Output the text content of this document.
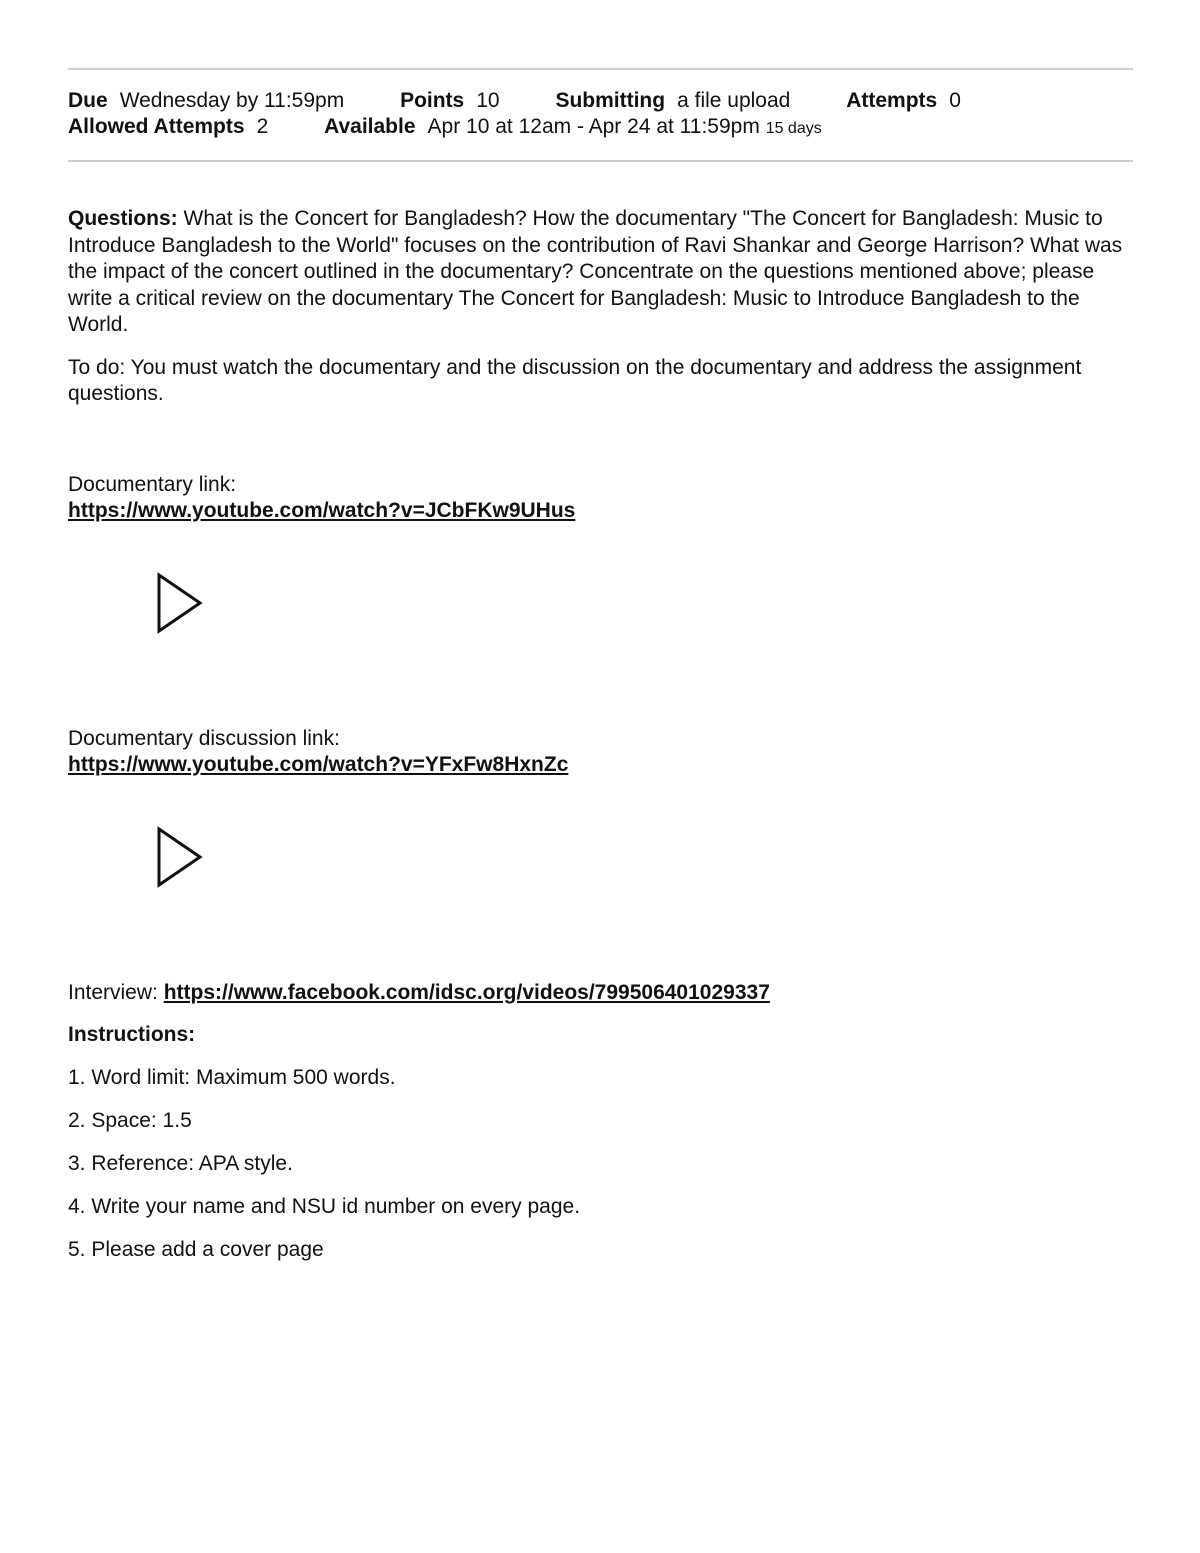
Due Wednesday by 11:59pm	Points 10	Submitting a file upload	Attempts 0
Allowed Attempts 2	Available Apr 10 at 12am - Apr 24 at 11:59pm 15 days
Questions: What is the Concert for Bangladesh? How the documentary "The Concert for Bangladesh: Music to Introduce Bangladesh to the World" focuses on the contribution of Ravi Shankar and George Harrison? What was the impact of the concert outlined in the documentary? Concentrate on the questions mentioned above; please write a critical review on the documentary The Concert for Bangladesh: Music to Introduce Bangladesh to the World.
To do: You must watch the documentary and the discussion on the documentary and address the assignment questions.
Documentary link:
https://www.youtube.com/watch?v=JCbFKw9UHus
Documentary discussion link:
https://www.youtube.com/watch?v=YFxFw8HxnZc
Interview: https://www.facebook.com/idsc.org/videos/799506401029337
Instructions:
1. Word limit: Maximum 500 words.
2. Space: 1.5
3. Reference: APA style.
4. Write your name and NSU id number on every page.
5. Please add a cover page
